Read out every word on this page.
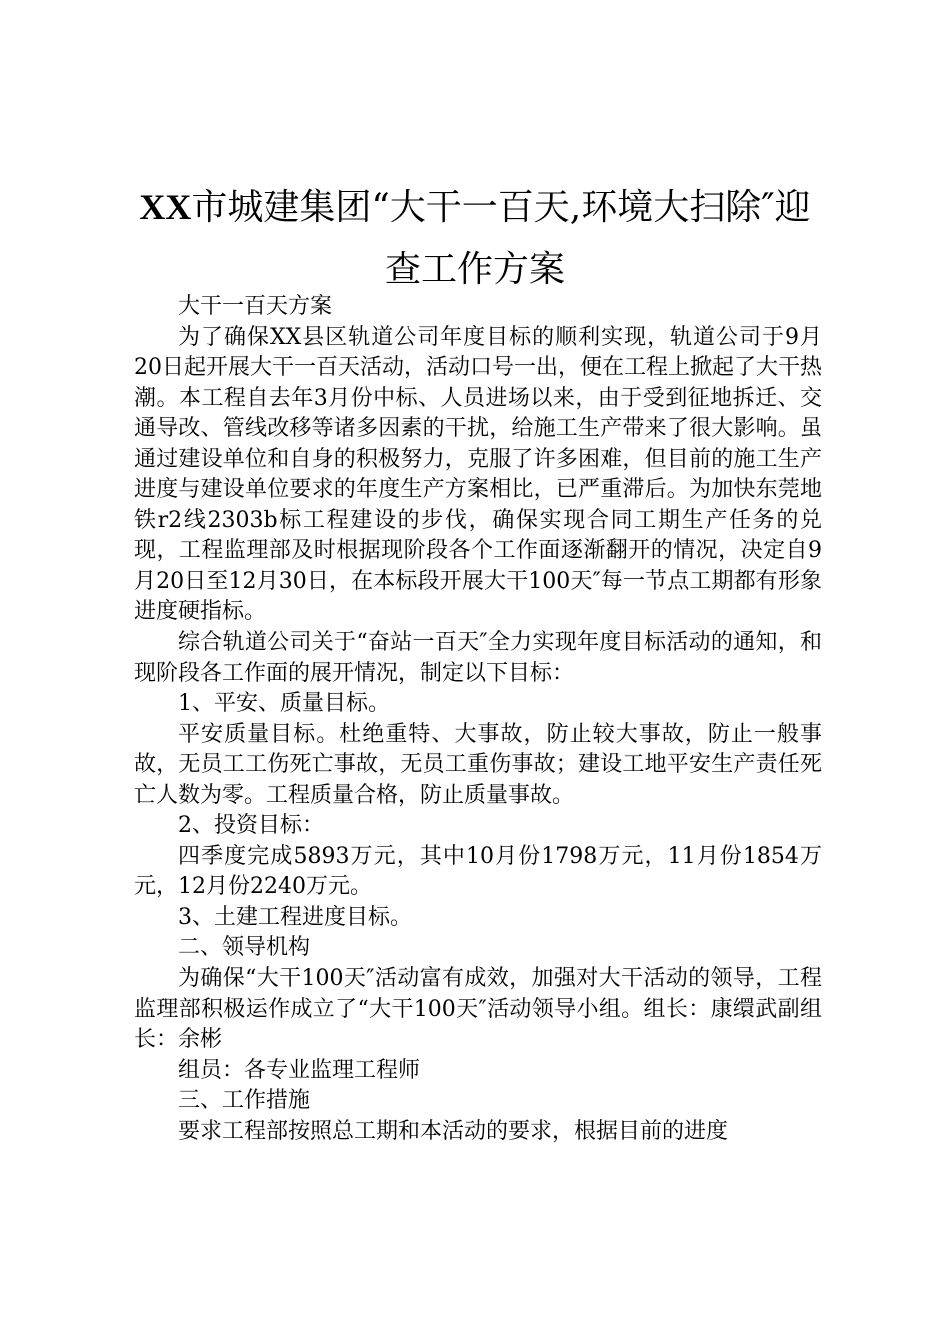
XX市城建集团“大干一百天,环境大扫除″迎查工作方案

大干一百天方案

为了确保XX县区轨道公司年度目标的顺利实现，轨道公司于9月20日起开展大干一百天活动，活动口号一出，便在工程上掀起了大干热潮。本工程自去年3月份中标、人员进场以来，由于受到征地拆迁、交通导改、管线改移等诸多因素的干扰，给施工生产带来了很大影响。虽通过建设单位和自身的积极努力，克服了许多困难，但目前的施工生产进度与建设单位要求的年度生产方案相比，已严重滞后。为加快东莞地铁r2线2303b标工程建设的步伐，确保实现合同工期生产任务的兑现，工程监理部及时根据现阶段各个工作面逐渐翻开的情况，决定自9月20日至12月30日，在本标段开展大干100天″每一节点工期都有形象进度硬指标。

综合轨道公司关于“奋站一百天″全力实现年度目标活动的通知，和现阶段各工作面的展开情况，制定以下目标：

1、平安、质量目标。

平安质量目标。杜绝重特、大事故，防止较大事故，防止一般事故，无员工工伤死亡事故，无员工重伤事故；建设工地平安生产责任死亡人数为零。工程质量合格，防止质量事故。

2、投资目标：

四季度完成5893万元，其中10月份1798万元，11月份1854万元，12月份2240万元。

3、土建工程进度目标。

二、领导机构

为确保“大干100天″活动富有成效，加强对大干活动的领导，工程监理部积极运作成立了“大干100天″活动领导小组。组长：康缳武副组长：余彬

组员：各专业监理工程师

三、工作措施

要求工程部按照总工期和本活动的要求，根据目前的进度
